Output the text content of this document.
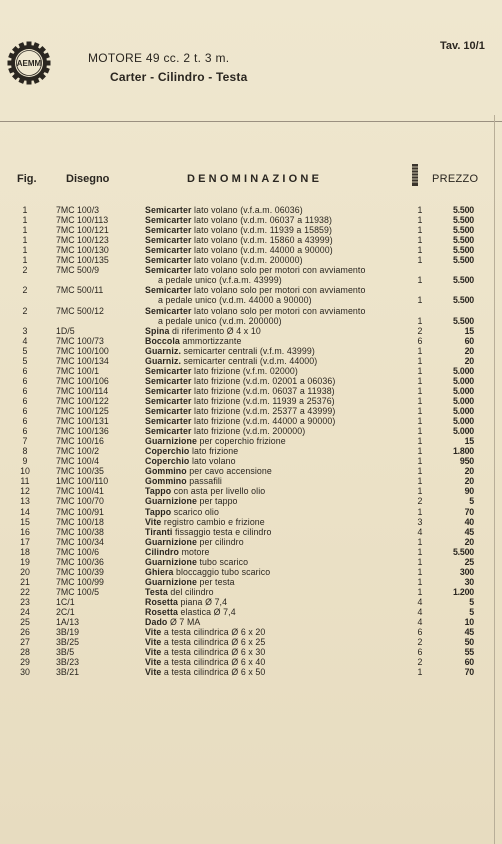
AEMM	MOTORE 49 cc. 2 t. 3 m.
Carter - Cilindro - Testa
Tav. 10/1
Fig.	Disegno	DENOMINAZIONE	PREZZO
1	7MC 100/3	Semicarter lato volano (v.f.a.m. 06036)	1	5.500
1	7MC 100/113	Semicarter lato volano (v.d.m. 06037 a 11938)	1	5.500
1	7MC 100/121	Semicarter lato volano (v.d.m. 11939 a 15859)	1	5.500
1	7MC 100/123	Semicarter lato volano (v.d.m. 15860 a 43999)	1	5.500
1	7MC 100/130	Semicarter lato volano (v.d.m. 44000 a 90000)	1	5.500
1	7MC 100/135	Semicarter lato volano (v.d.m. 200000)	1	5.500
2	7MC 500/9	Semicarter lato volano solo per motori con avviamento
a pedale unico (v.f.a.m. 43999)	1	5.500
2	7MC 500/11	Semicarter lato volano solo per motori con avviamento
a pedale unico (v.d.m. 44000 a 90000)	1	5.500
2	7MC 500/12	Semicarter lato volano solo per motori con avviamento
a pedale unico (v.d.m. 200000)	1	5.500
3	1D/5	Spina di riferimento Ø 4 x 10	2	15
4	7MC 100/73	Boccola ammortizzante	6	60
5	7MC 100/100	Guarniz. semicarter centrali (v.f.m. 43999)	1	20
5	7MC 100/134	Guarniz. semicarter centrali (v.d.m. 44000)	1	20
6	7MC 100/1	Semicarter lato frizione (v.f.m. 02000)	1	5.000
6	7MC 100/106	Semicarter lato frizione (v.d.m. 02001 a 06036)	1	5.000
6	7MC 100/114	Semicarter lato frizione (v.d.m. 06037 a 11938)	1	5.000
6	7MC 100/122	Semicarter lato frizione (v.d.m. 11939 a 25376)	1	5.000
6	7MC 100/125	Semicarter lato frizione (v.d.m. 25377 a 43999)	1	5.000
6	7MC 100/131	Semicarter lato frizione (v.d.m. 44000 a 90000)	1	5.000
6	7MC 100/136	Semicarter lato frizione (v.d.m. 200000)	1	5.000
7	7MC 100/16	Guarnizione per coperchio frizione	1	15
8	7MC 100/2	Coperchio lato frizione	1	1.800
9	7MC 100/4	Coperchio lato volano	1	950
10	7MC 100/35	Gommino per cavo accensione	1	20
11	1MC 100/110	Gommino passafili	1	20
12	7MC 100/41	Tappo con asta per livello olio	1	90
13	7MC 100/70	Guarnizione per tappo	2	5
14	7MC 100/91	Tappo scarico olio	1	70
15	7MC 100/18	Vite registro cambio e frizione	3	40
16	7MC 100/38	Tiranti fissaggio testa e cilindro	4	45
17	7MC 100/34	Guarnizione per cilindro	1	20
18	7MC 100/6	Cilindro motore	1	5.500
19	7MC 100/36	Guarnizione tubo scarico	1	25
20	7MC 100/39	Ghiera bloccaggio tubo scarico	1	300
21	7MC 100/99	Guarnizione per testa	1	30
22	7MC 100/5	Testa del cilindro	1	1.200
23	1C/1	Rosetta piana Ø 7,4	4	5
24	2C/1	Rosetta elastica Ø 7,4	4	5
25	1A/13	Dado Ø 7 MA	4	10
26	3B/19	Vite a testa cilindrica Ø 6 x 20	6	45
27	3B/25	Vite a testa cilindrica Ø 6 x 25	2	50
28	3B/5	Vite a testa cilindrica Ø 6 x 30	6	55
29	3B/23	Vite a testa cilindrica Ø 6 x 40	2	60
30	3B/21	Vite a testa cilindrica Ø 6 x 50	1	70
